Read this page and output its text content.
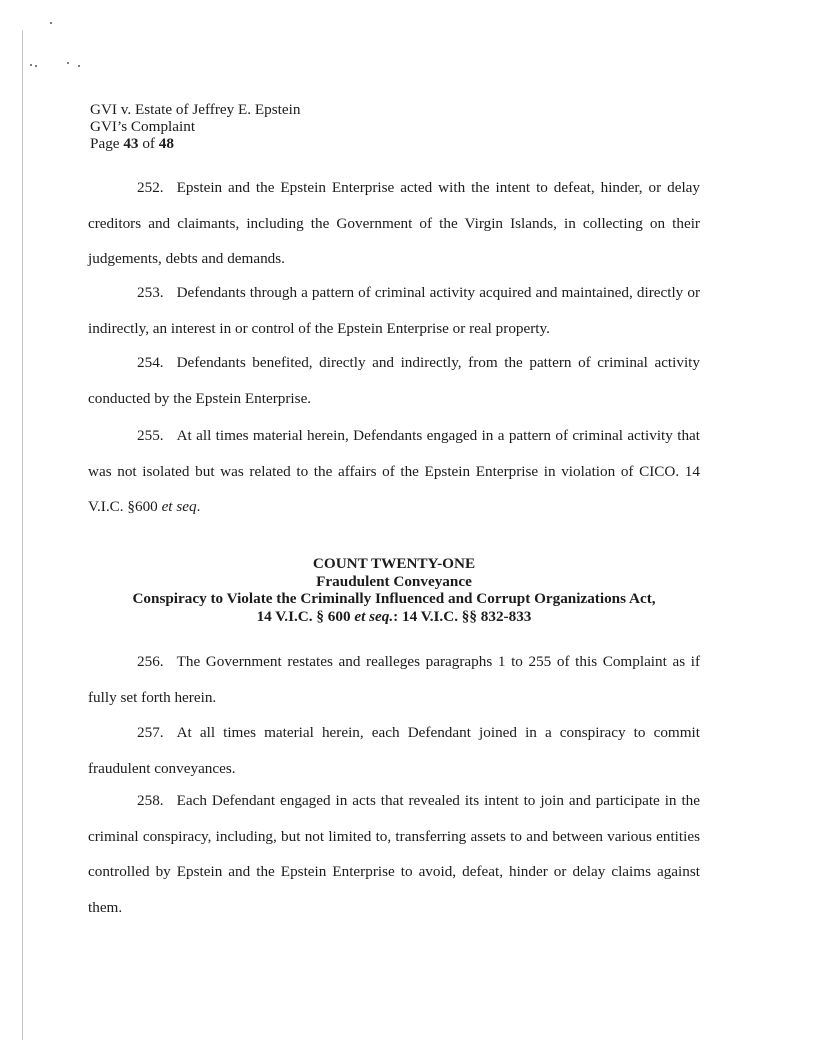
GVI v. Estate of Jeffrey E. Epstein
GVI’s Complaint
Page 43 of 48

252. Epstein and the Epstein Enterprise acted with the intent to defeat, hinder, or delay creditors and claimants, including the Government of the Virgin Islands, in collecting on their judgements, debts and demands.

253. Defendants through a pattern of criminal activity acquired and maintained, directly or indirectly, an interest in or control of the Epstein Enterprise or real property.

254. Defendants benefited, directly and indirectly, from the pattern of criminal activity conducted by the Epstein Enterprise.

255. At all times material herein, Defendants engaged in a pattern of criminal activity that was not isolated but was related to the affairs of the Epstein Enterprise in violation of CICO. 14 V.I.C. §600 et seq.

COUNT TWENTY-ONE
Fraudulent Conveyance
Conspiracy to Violate the Criminally Influenced and Corrupt Organizations Act,
14 V.I.C. § 600 et seq.: 14 V.I.C. §§ 832-833

256. The Government restates and realleges paragraphs 1 to 255 of this Complaint as if fully set forth herein.

257. At all times material herein, each Defendant joined in a conspiracy to commit fraudulent conveyances.

258. Each Defendant engaged in acts that revealed its intent to join and participate in the criminal conspiracy, including, but not limited to, transferring assets to and between various entities controlled by Epstein and the Epstein Enterprise to avoid, defeat, hinder or delay claims against them.
